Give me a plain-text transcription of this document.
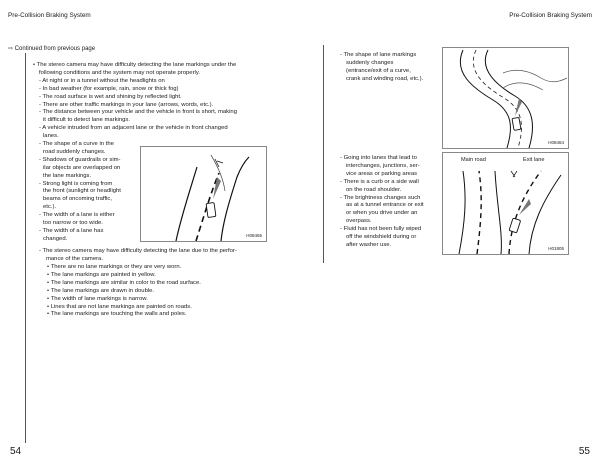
Pre-Collision Braking System	Pre-Collision Braking System
⇨ Continued from previous page
• The stereo camera may have difficulty detecting the lane markings under the
following conditions and the system may not operate properly.
- At night or in a tunnel without the headlights on
- In bad weather (for example, rain, snow or thick fog)
- The road surface is wet and shining by reflected light.
- There are other traffic markings in your lane (arrows, words, etc.).
- The distance between your vehicle and the vehicle in front is short, making
it difficult to detect lane markings.
- A vehicle intruded from an adjacent lane or the vehicle in front changed
lanes.
- The shape of a curve in the
road suddenly changes.
- Shadows of guardrails or sim-
ilar objects are overlapped on
the lane markings.
- Strong light is coming from
the front (sunlight or headlight
beams of oncoming traffic,
etc.).
- The width of a lane is either
too narrow or too wide.
- The width of a lane has
changed.
H08465
- The stereo camera may have difficulty detecting the lane due to the perfor-
mance of the camera.
• There are no lane markings or they are very worn.
• The lane markings are painted in yellow.
• The lane markings are similar in color to the road surface.
• The lane markings are drawn in double.
• The width of lane markings is narrow.
• Lines that are not lane markings are painted on roads.
• The lane markings are touching the walls and poles.
54
- The shape of lane markings
suddenly changes
(entrance/exit of a curve,
crank and winding road, etc.).
H08464
- Going into lanes that lead to
interchanges, junctions, ser-
vice areas or parking areas
- There is a curb or a side wall
on the road shoulder.
- The brightness changes such
as at a tunnel entrance or exit
or when you drive under an
overpass.
- Fluid has not been fully wiped
off the windshield during or
after washer use.
Main road	Exit lane
H01805
55
